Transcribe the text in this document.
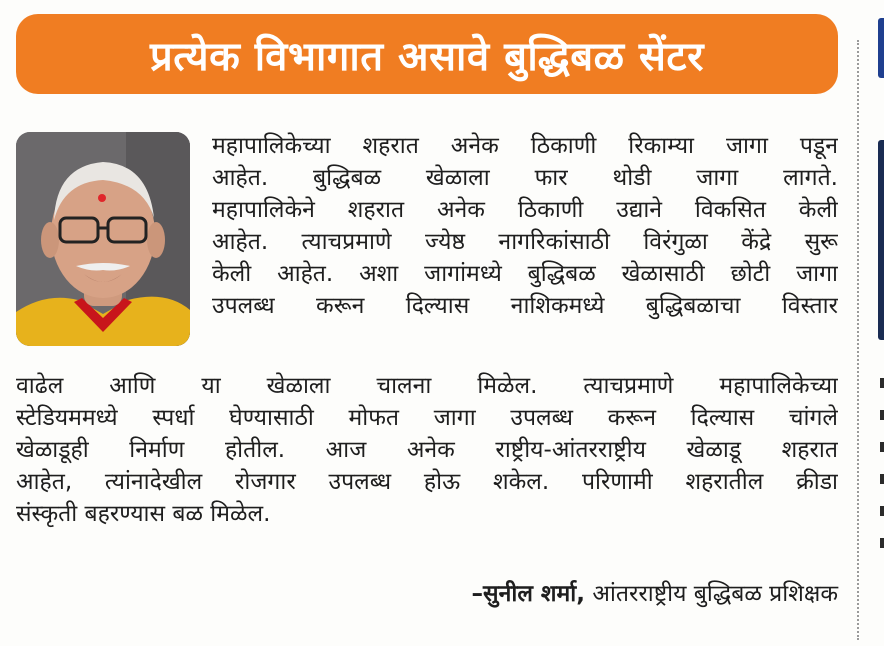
प्रत्येक विभागात असावे बुद्धिबळ सेंटर
महापालिकेच्या शहरात अनेक ठिकाणी रिकाम्या जागा पडून
आहेत. बुद्धिबळ खेळाला फार थोडी जागा लागते.
महापालिकेने शहरात अनेक ठिकाणी उद्याने विकसित केली
आहेत. त्याचप्रमाणे ज्येष्ठ नागरिकांसाठी विरंगुळा केंद्रे सुरू
केली आहेत. अशा जागांमध्ये बुद्धिबळ खेळासाठी छोटी जागा
उपलब्ध करून दिल्यास नाशिकमध्ये बुद्धिबळाचा विस्तार
वाढेल आणि या खेळाला चालना मिळेल. त्याचप्रमाणे महापालिकेच्या
स्टेडियममध्ये स्पर्धा घेण्यासाठी मोफत जागा उपलब्ध करून दिल्यास चांगले
खेळाडूही निर्माण होतील. आज अनेक राष्ट्रीय-आंतरराष्ट्रीय खेळाडू शहरात
आहेत, त्यांनादेखील रोजगार उपलब्ध होऊ शकेल. परिणामी शहरातील क्रीडा
संस्कृती बहरण्यास बळ मिळेल.
–सुनील शर्मा, आंतरराष्ट्रीय बुद्धिबळ प्रशिक्षक
